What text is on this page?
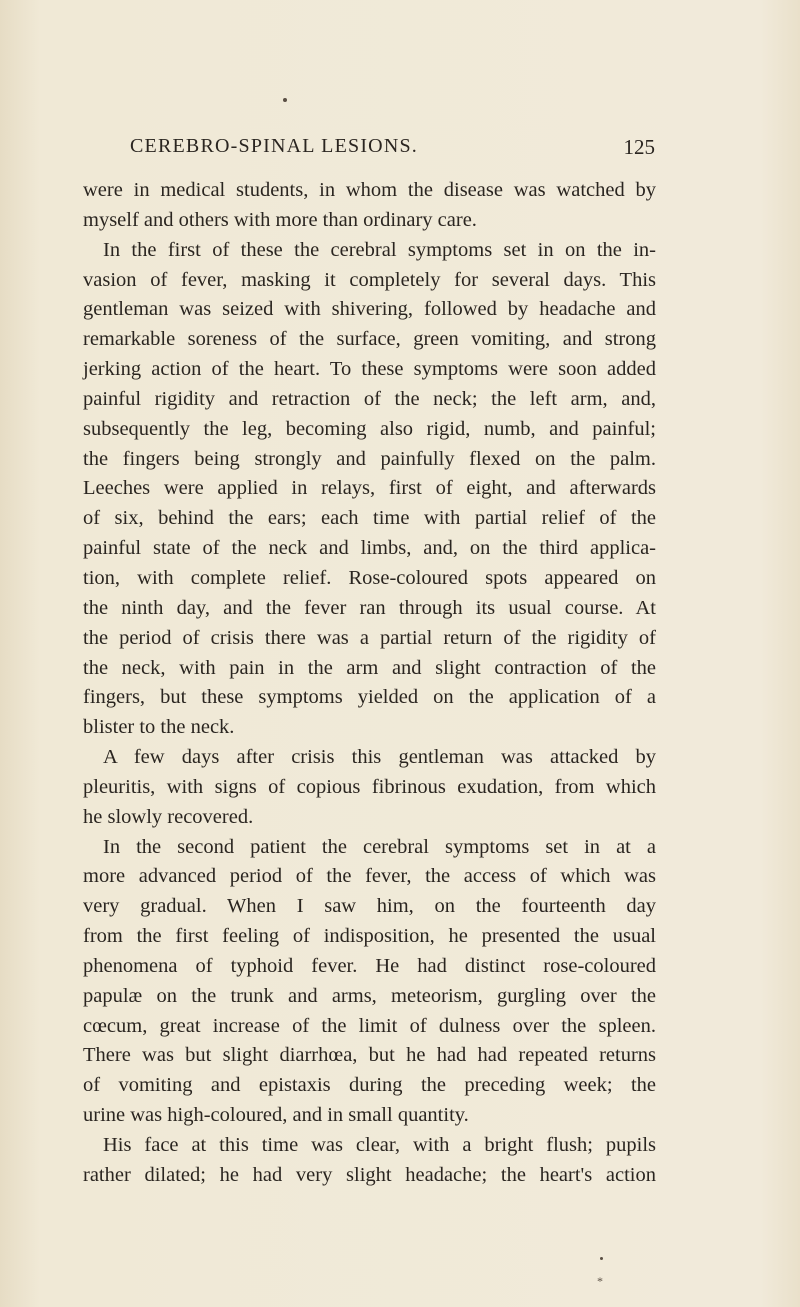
CEREBRO-SPINAL LESIONS.	125
were in medical students, in whom the disease was watched by
myself and others with more than ordinary care.
In the first of these the cerebral symptoms set in on the in-
vasion of fever, masking it completely for several days. This
gentleman was seized with shivering, followed by headache and
remarkable soreness of the surface, green vomiting, and strong
jerking action of the heart. To these symptoms were soon added
painful rigidity and retraction of the neck; the left arm, and,
subsequently the leg, becoming also rigid, numb, and painful;
the fingers being strongly and painfully flexed on the palm.
Leeches were applied in relays, first of eight, and afterwards
of six, behind the ears; each time with partial relief of the
painful state of the neck and limbs, and, on the third applica-
tion, with complete relief. Rose-coloured spots appeared on
the ninth day, and the fever ran through its usual course. At
the period of crisis there was a partial return of the rigidity of
the neck, with pain in the arm and slight contraction of the
fingers, but these symptoms yielded on the application of a
blister to the neck.
A few days after crisis this gentleman was attacked by
pleuritis, with signs of copious fibrinous exudation, from which
he slowly recovered.
In the second patient the cerebral symptoms set in at a
more advanced period of the fever, the access of which was
very gradual. When I saw him, on the fourteenth day
from the first feeling of indisposition, he presented the usual
phenomena of typhoid fever. He had distinct rose-coloured
papulæ on the trunk and arms, meteorism, gurgling over the
cœcum, great increase of the limit of dulness over the spleen.
There was but slight diarrhœa, but he had had repeated returns
of vomiting and epistaxis during the preceding week; the
urine was high-coloured, and in small quantity.
His face at this time was clear, with a bright flush; pupils
rather dilated; he had very slight headache; the heart's action
*
